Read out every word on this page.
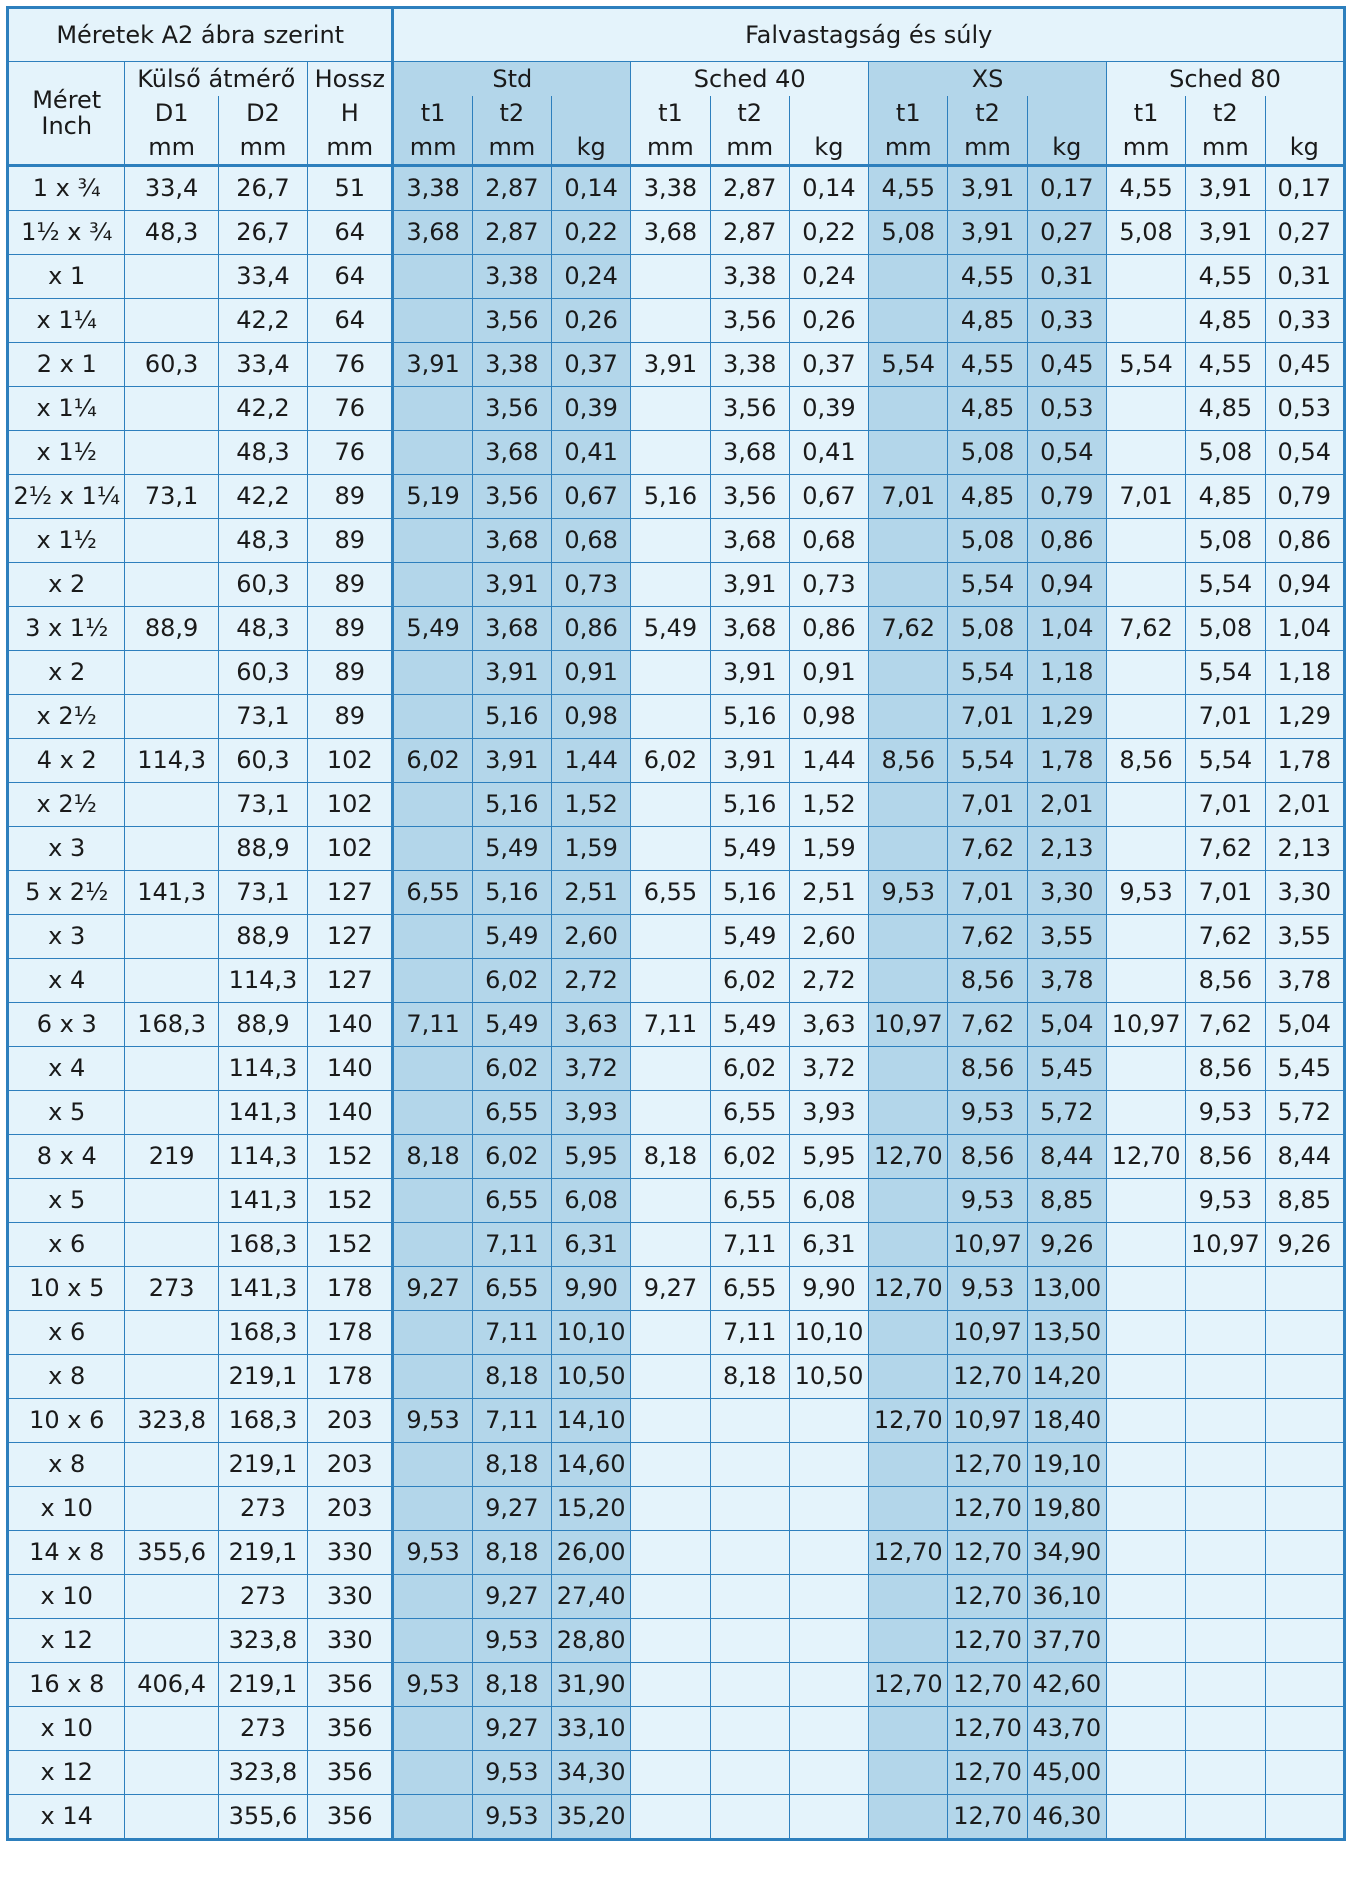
Méretek A2 ábra szerint				Falvastagság és súly											

Méret
Inch	Külső átmérő		Hossz	Std			Sched 40			XS			Sched 80		
	D1	D2	H	t1	t2		t1	t2		t1	t2		t1	t2	
	mm	mm	mm	mm	mm	kg	mm	mm	kg	mm	mm	kg	mm	mm	kg
1 x ¾	33,4	26,7	51	3,38	2,87	0,14	3,38	2,87	0,14	4,55	3,91	0,17	4,55	3,91	0,17
1½ x ¾	48,3	26,7	64	3,68	2,87	0,22	3,68	2,87	0,22	5,08	3,91	0,27	5,08	3,91	0,27
x 1		33,4	64		3,38	0,24		3,38	0,24		4,55	0,31		4,55	0,31
x 1¼		42,2	64		3,56	0,26		3,56	0,26		4,85	0,33		4,85	0,33
2 x 1	60,3	33,4	76	3,91	3,38	0,37	3,91	3,38	0,37	5,54	4,55	0,45	5,54	4,55	0,45
x 1¼		42,2	76		3,56	0,39		3,56	0,39		4,85	0,53		4,85	0,53
x 1½		48,3	76		3,68	0,41		3,68	0,41		5,08	0,54		5,08	0,54
2½ x 1¼	73,1	42,2	89	5,19	3,56	0,67	5,16	3,56	0,67	7,01	4,85	0,79	7,01	4,85	0,79
x 1½		48,3	89		3,68	0,68		3,68	0,68		5,08	0,86		5,08	0,86
x 2		60,3	89		3,91	0,73		3,91	0,73		5,54	0,94		5,54	0,94
3 x 1½	88,9	48,3	89	5,49	3,68	0,86	5,49	3,68	0,86	7,62	5,08	1,04	7,62	5,08	1,04
x 2		60,3	89		3,91	0,91		3,91	0,91		5,54	1,18		5,54	1,18
x 2½		73,1	89		5,16	0,98		5,16	0,98		7,01	1,29		7,01	1,29
4 x 2	114,3	60,3	102	6,02	3,91	1,44	6,02	3,91	1,44	8,56	5,54	1,78	8,56	5,54	1,78
x 2½		73,1	102		5,16	1,52		5,16	1,52		7,01	2,01		7,01	2,01
x 3		88,9	102		5,49	1,59		5,49	1,59		7,62	2,13		7,62	2,13
5 x 2½	141,3	73,1	127	6,55	5,16	2,51	6,55	5,16	2,51	9,53	7,01	3,30	9,53	7,01	3,30
x 3		88,9	127		5,49	2,60		5,49	2,60		7,62	3,55		7,62	3,55
x 4		114,3	127		6,02	2,72		6,02	2,72		8,56	3,78		8,56	3,78
6 x 3	168,3	88,9	140	7,11	5,49	3,63	7,11	5,49	3,63	10,97	7,62	5,04	10,97	7,62	5,04
x 4		114,3	140		6,02	3,72		6,02	3,72		8,56	5,45		8,56	5,45
x 5		141,3	140		6,55	3,93		6,55	3,93		9,53	5,72		9,53	5,72
8 x 4	219	114,3	152	8,18	6,02	5,95	8,18	6,02	5,95	12,70	8,56	8,44	12,70	8,56	8,44
x 5		141,3	152		6,55	6,08		6,55	6,08		9,53	8,85		9,53	8,85
x 6		168,3	152		7,11	6,31		7,11	6,31		10,97	9,26		10,97	9,26
10 x 5	273	141,3	178	9,27	6,55	9,90	9,27	6,55	9,90	12,70	9,53	13,00			
x 6		168,3	178		7,11	10,10		7,11	10,10		10,97	13,50			
x 8		219,1	178		8,18	10,50		8,18	10,50		12,70	14,20			
10 x 6	323,8	168,3	203	9,53	7,11	14,10				12,70	10,97	18,40			
x 8		219,1	203		8,18	14,60					12,70	19,10			
x 10		273	203		9,27	15,20					12,70	19,80			
14 x 8	355,6	219,1	330	9,53	8,18	26,00				12,70	12,70	34,90			
x 10		273	330		9,27	27,40					12,70	36,10			
x 12		323,8	330		9,53	28,80					12,70	37,70			
16 x 8	406,4	219,1	356	9,53	8,18	31,90				12,70	12,70	42,60			
x 10		273	356		9,27	33,10					12,70	43,70			
x 12		323,8	356		9,53	34,30					12,70	45,00			
x 14		355,6	356		9,53	35,20					12,70	46,30			
